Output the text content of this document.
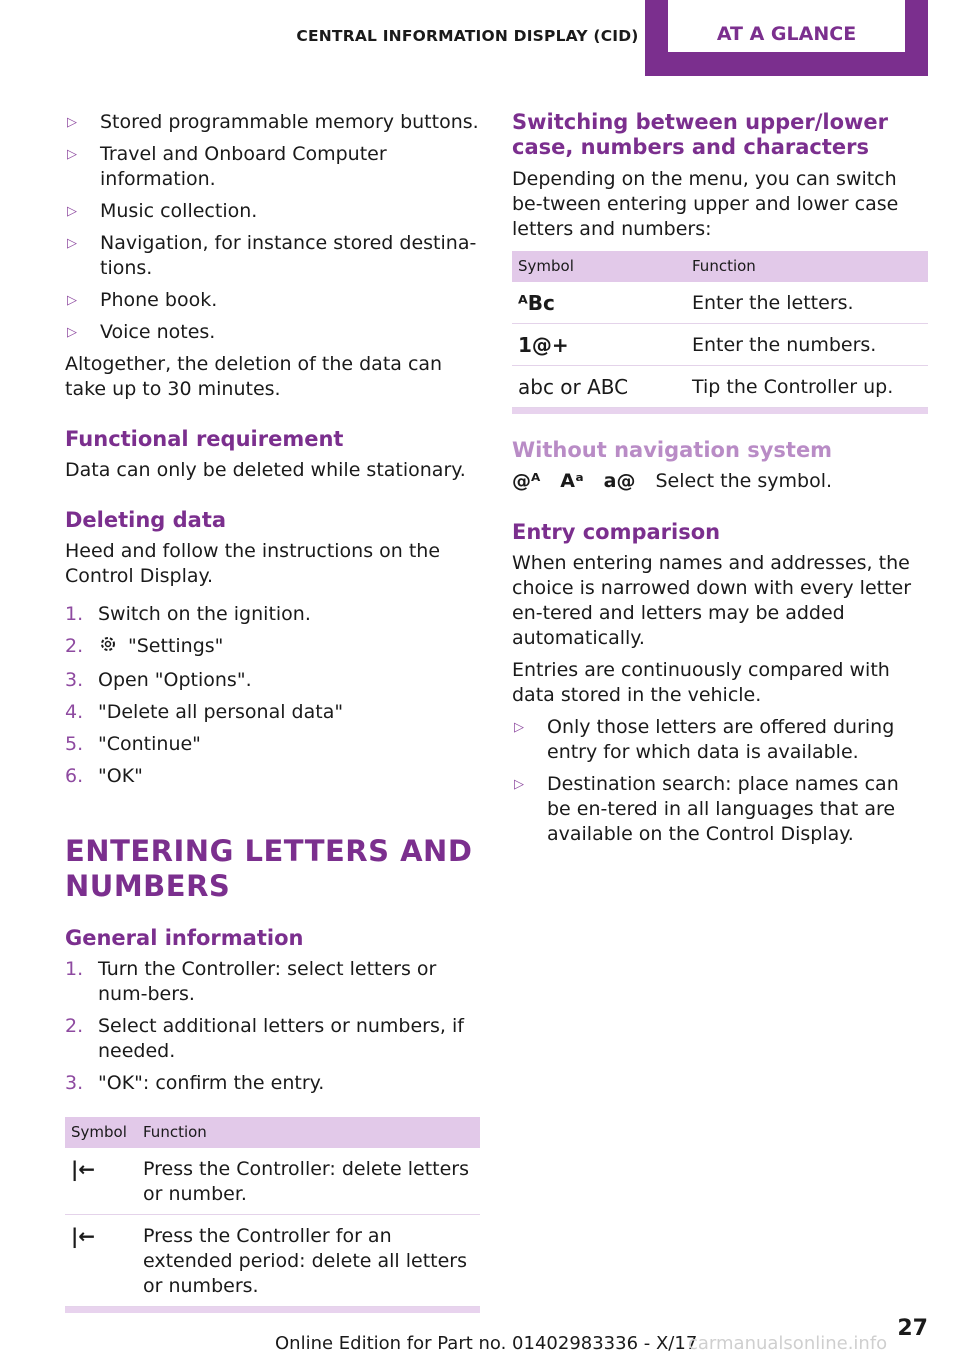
CENTRAL INFORMATION DISPLAY (CID)	AT A GLANCE
▷	Stored programmable memory buttons.
▷	Travel and Onboard Computer information.
▷	Music collection.
▷	Navigation, for instance stored destina-tions.
▷	Phone book.
▷	Voice notes.

Altogether, the deletion of the data can take up to 30 minutes.

Functional requirement

Data can only be deleted while stationary.

Deleting data

Heed and follow the instructions on the Control Display.

1. Switch on the ignition.
2.	"Settings"
3. Open "Options".
4. "Delete all personal data"
5. "Continue"
6. "OK"
ENTERING LETTERS AND NUMBERS
General information
1. Turn the Controller: select letters or num-bers.
2. Select additional letters or numbers, if needed.
3. "OK": confirm the entry.
Symbol	Function
|←	Press the Controller: delete letters or number.
|←	Press the Controller for an extended period: delete all letters or numbers.
Switching between upper/lower case, numbers and characters

Depending on the menu, you can switch be-tween entering upper and lower case letters and numbers:

Symbol	Function
ᴬBc	Enter the letters.
1@+	Enter the numbers.
abc or ABC	Tip the Controller up.
Without navigation system
@ᴬ Aᵃ a@ Select the symbol.
Entry comparison

When entering names and addresses, the choice is narrowed down with every letter en-tered and letters may be added automatically.

Entries are continuously compared with data stored in the vehicle.

▷	Only those letters are offered during entry for which data is available.
▷	Destination search: place names can be en-tered in all languages that are available on the Control Display.
Online Edition for Part no. 01402983336 - X/17
carmanualsonline.info
27
